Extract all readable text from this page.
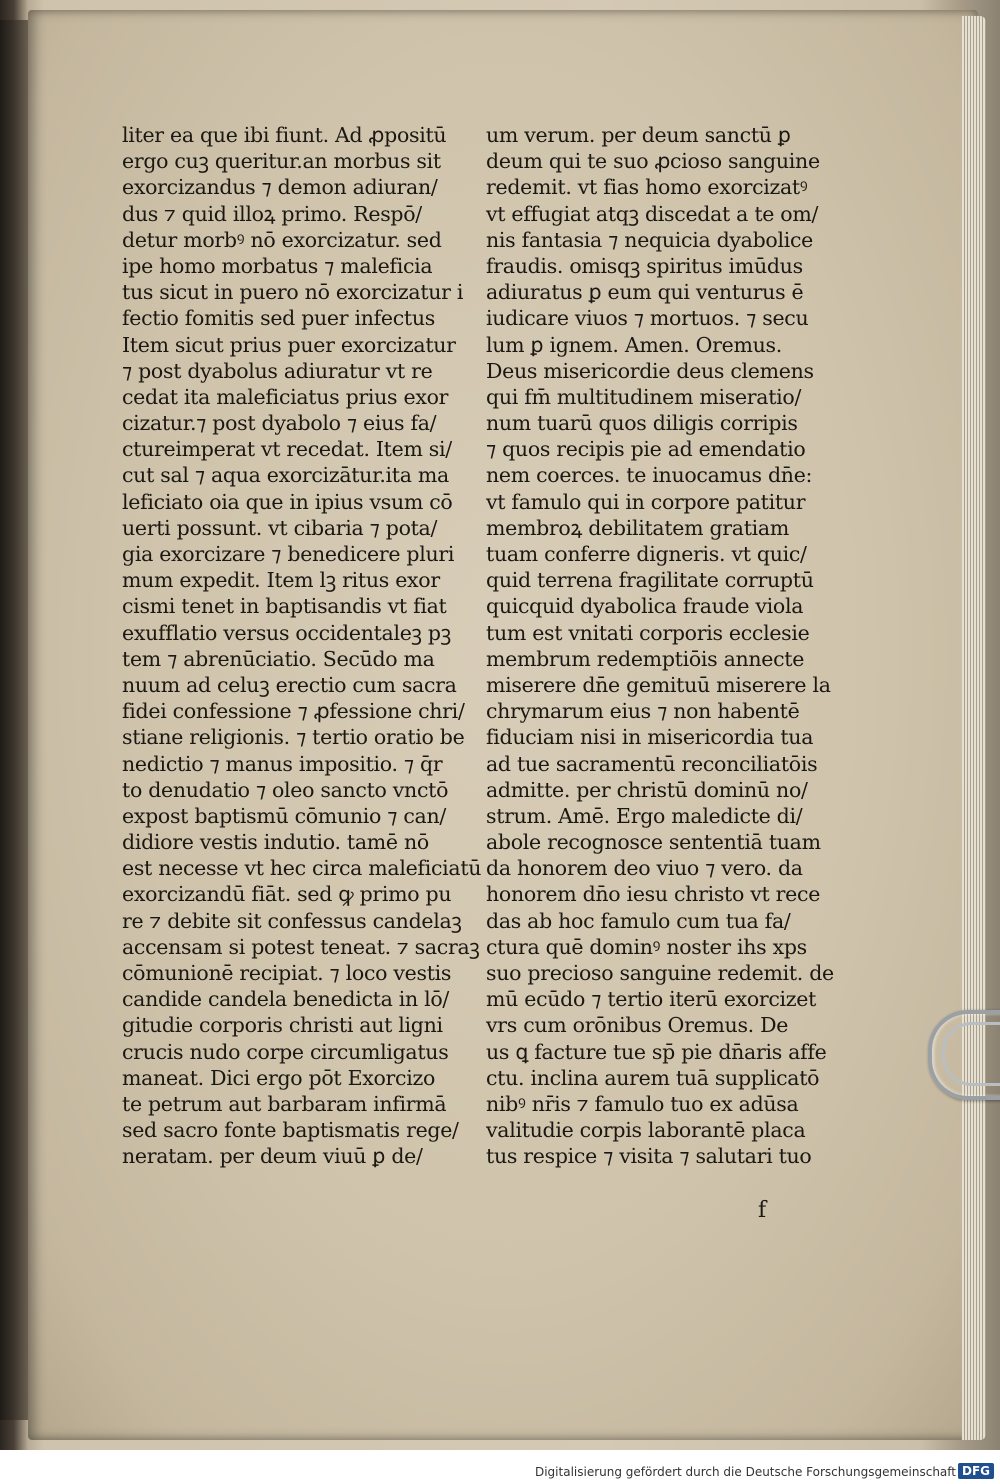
liter ea que ibi fiunt. Ad ꝓpositū
ergo cuꝫ queritur.an morbus sit
exorcizandus ⁊ demon adiuran/
dus ⁊ quid illoꝝ primo. Respō/
detur morbꝰ nō exorcizatur. sed
ipe homo morbatus ⁊ maleficia
tus sicut in puero nō exorcizatur i
fectio fomitis sed puer infectus
Item sicut prius puer exorcizatur
⁊ post dyabolus adiuratur vt re
cedat ita maleficiatus prius exor
cizatur.⁊ post dyabolo ⁊ eius fa/
ctureimperat vt recedat. Item si/
cut sal ⁊ aqua exorcizātur.ita ma
leficiato oia que in ipius vsum cō
uerti possunt. vt cibaria ⁊ pota/
gia exorcizare ⁊ benedicere pluri
mum expedit. Item lꝫ ritus exor
cismi tenet in baptisandis vt fiat
exufflatio versus occidentaleꝫ pꝫ
tem ⁊ abrenūciatio. Secūdo ma
nuum ad celuꝫ erectio cum sacra
fidei confessione ⁊ ꝓfessione chri/
stiane religionis. ⁊ tertio oratio be
nedictio ⁊ manus impositio. ⁊ q̄r
to denudatio ⁊ oleo sancto vnctō
expost baptismū cōmunio ⁊ can/
didiore vestis indutio. tamē nō
est necesse vt hec circa maleficiatū
exorcizandū fiāt. sed ꝙ primo pu
re ⁊ debite sit confessus candelaꝫ
accensam si potest teneat. ⁊ sacraꝫ
cōmunionē recipiat. ⁊ loco vestis
candide candela benedicta in lō/
gitudie corporis christi aut ligni
crucis nudo corpe circumligatus
maneat. Dici ergo pōt Exorcizo
te petrum aut barbaram infirmā
sed sacro fonte baptismatis rege/
neratam. per deum viuū ꝑ de/
um verum. per deum sanctū ꝑ
deum qui te suo ꝓcioso sanguine
redemit. vt fias homo exorcizatꝰ
vt effugiat atqꝫ discedat a te om/
nis fantasia ⁊ nequicia dyabolice
fraudis. omisqꝫ spiritus imūdus
adiuratus ꝑ eum qui venturus ē
iudicare viuos ⁊ mortuos. ⁊ secu
lum ꝑ ignem. Amen. Oremus.
Deus misericordie deus clemens
qui fm̄ multitudinem miseratio/
num tuarū quos diligis corripis
⁊ quos recipis pie ad emendatio
nem coerces. te inuocamus dn̄e:
vt famulo qui in corpore patitur
membroꝝ debilitatem gratiam
tuam conferre digneris. vt quic/
quid terrena fragilitate corruptū
quicquid dyabolica fraude viola
tum est vnitati corporis ecclesie
membrum redemptiōis annecte
miserere dn̄e gemituū miserere la
chrymarum eius ⁊ non habentē
fiduciam nisi in misericordia tua
ad tue sacramentū reconciliatōis
admitte. per christū dominū no/
strum. Amē. Ergo maledicte di/
abole recognosce sententiā tuam
da honorem deo viuo ⁊ vero. da
honorem dn̄o iesu christo vt rece
das ab hoc famulo cum tua fa/
ctura quē dominꝰ noster ihs xps
suo precioso sanguine redemit. de
mū ecūdo ⁊ tertio iterū exorcizet
vrs cum orōnibus Oremus. De
us ꝗ facture tue sp̄ pie dn̄aris affe
ctu. inclina aurem tuā supplicatō
nibꝰ nr̄is ⁊ famulo tuo ex adūsa
valitudie corpis laborantē placa
tus respice ⁊ visita ⁊ salutari tuo
f
Digitalisierung gefördert durch die Deutsche Forschungsgemeinschaft DFG
